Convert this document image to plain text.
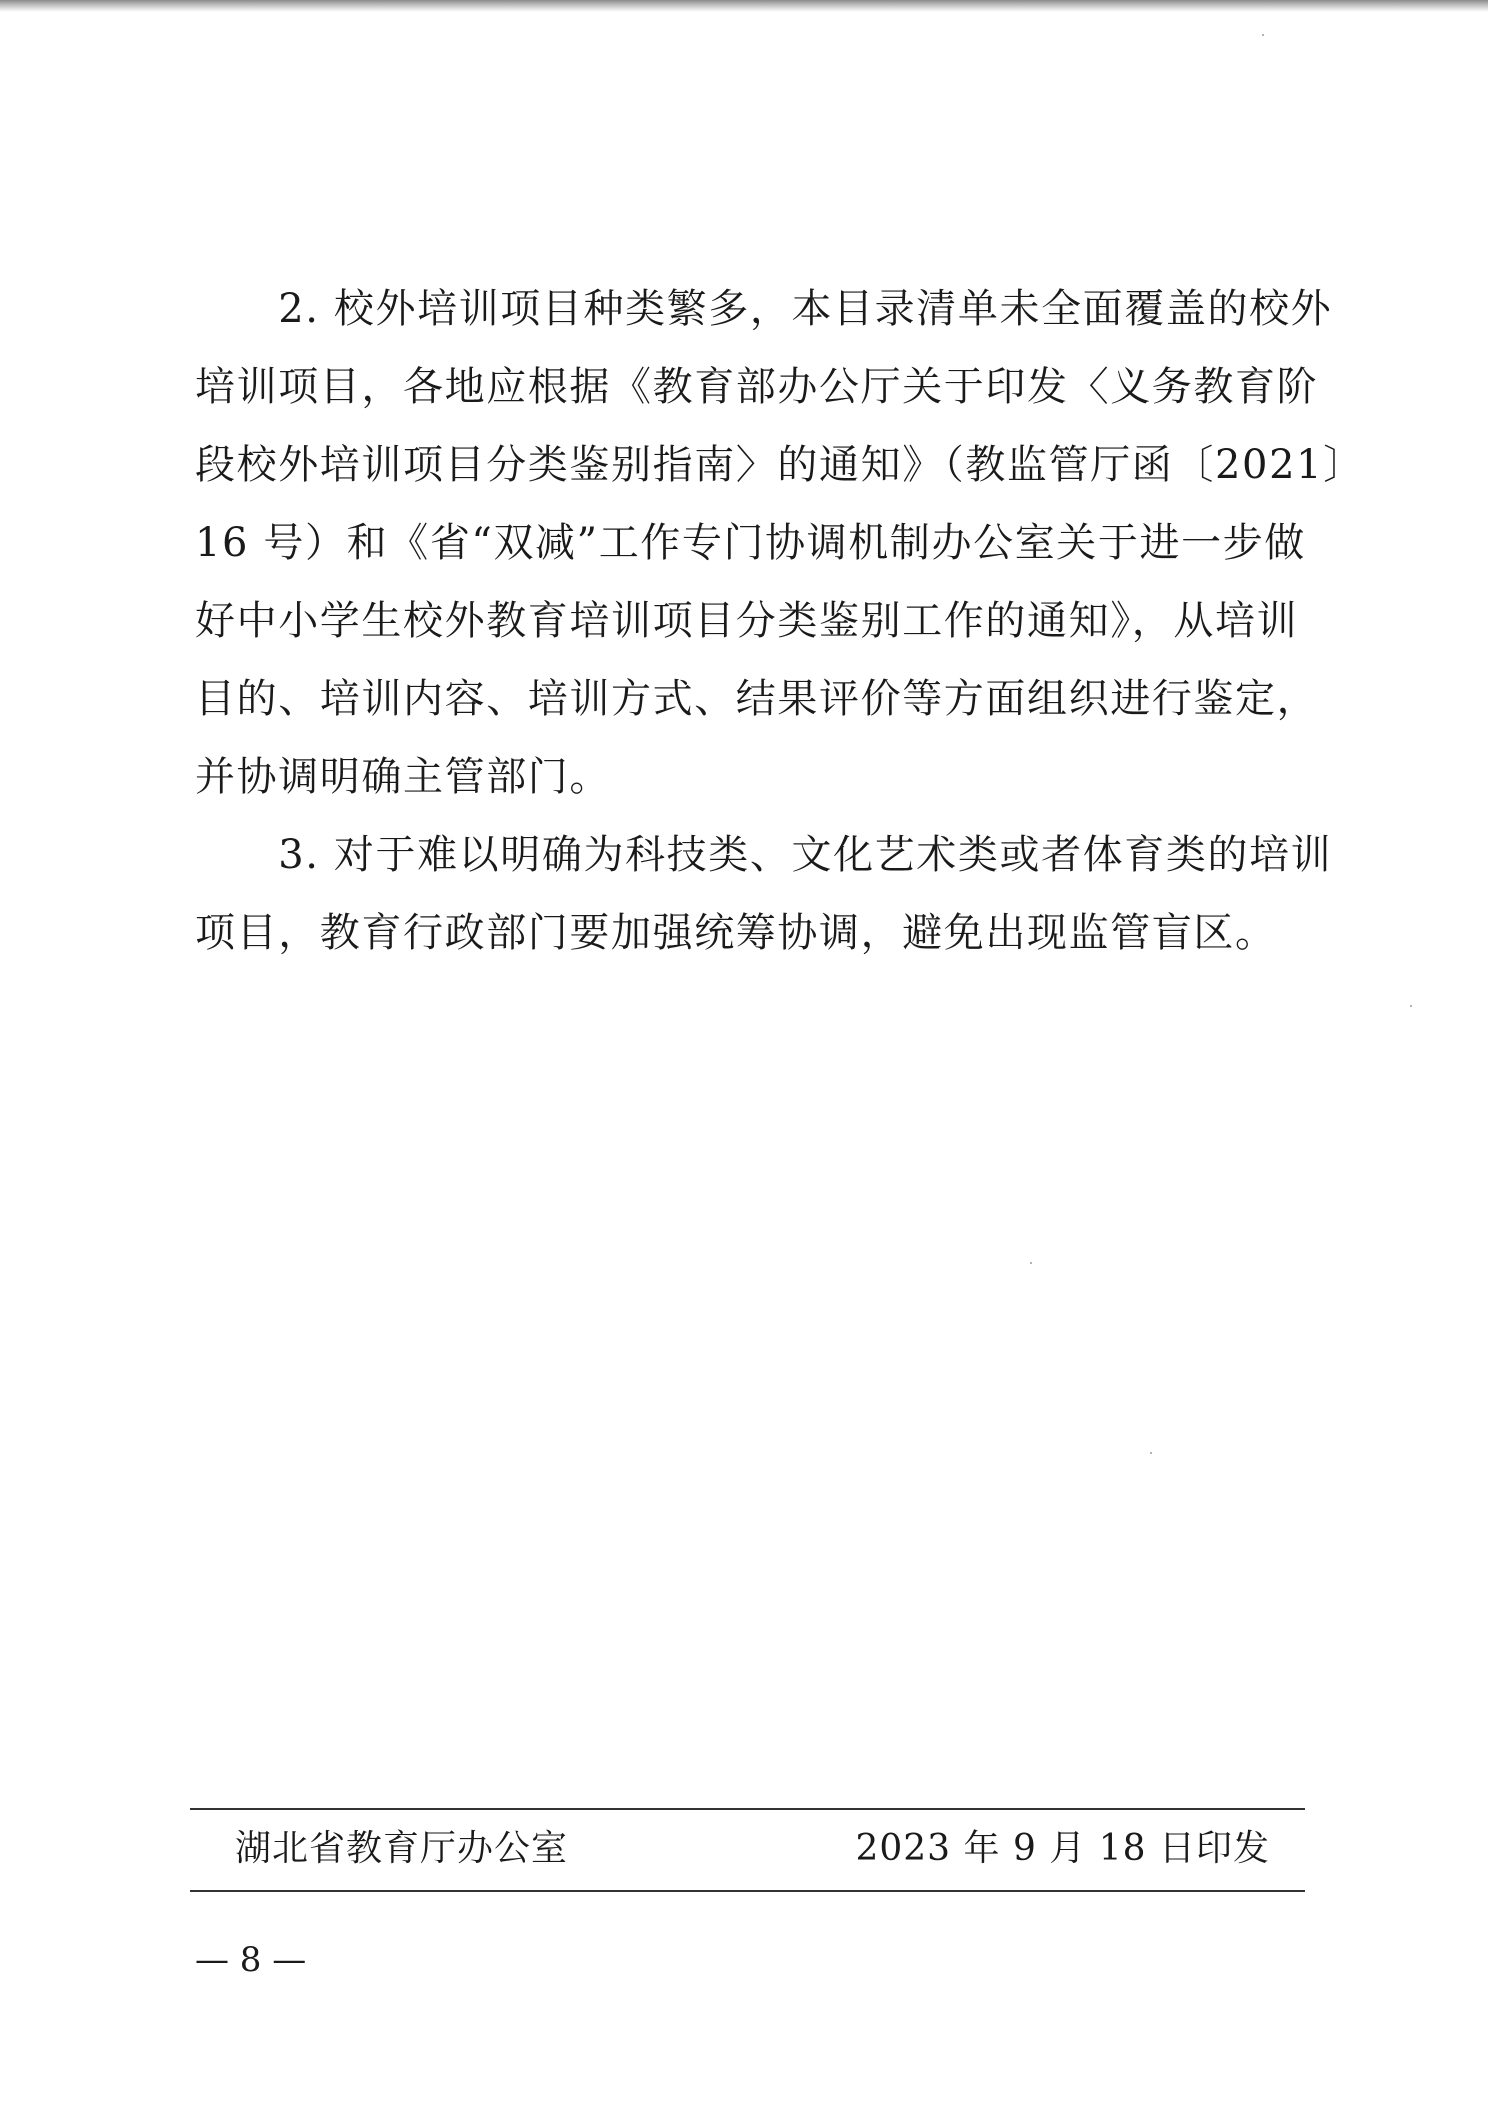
　　2. 校外培训项目种类繁多，本目录清单未全面覆盖的校外
培训项目，各地应根据《教育部办公厅关于印发〈义务教育阶
段校外培训项目分类鉴别指南〉的通知》（教监管厅函〔2021〕
16 号）和《省“双减”工作专门协调机制办公室关于进一步做
好中小学生校外教育培训项目分类鉴别工作的通知》，从培训
目的、培训内容、培训方式、结果评价等方面组织进行鉴定，
并协调明确主管部门。
　　3. 对于难以明确为科技类、文化艺术类或者体育类的培训
项目，教育行政部门要加强统筹协调，避免出现监管盲区。
湖北省教育厅办公室	2023 年 9 月 18 日印发
— 8 —
